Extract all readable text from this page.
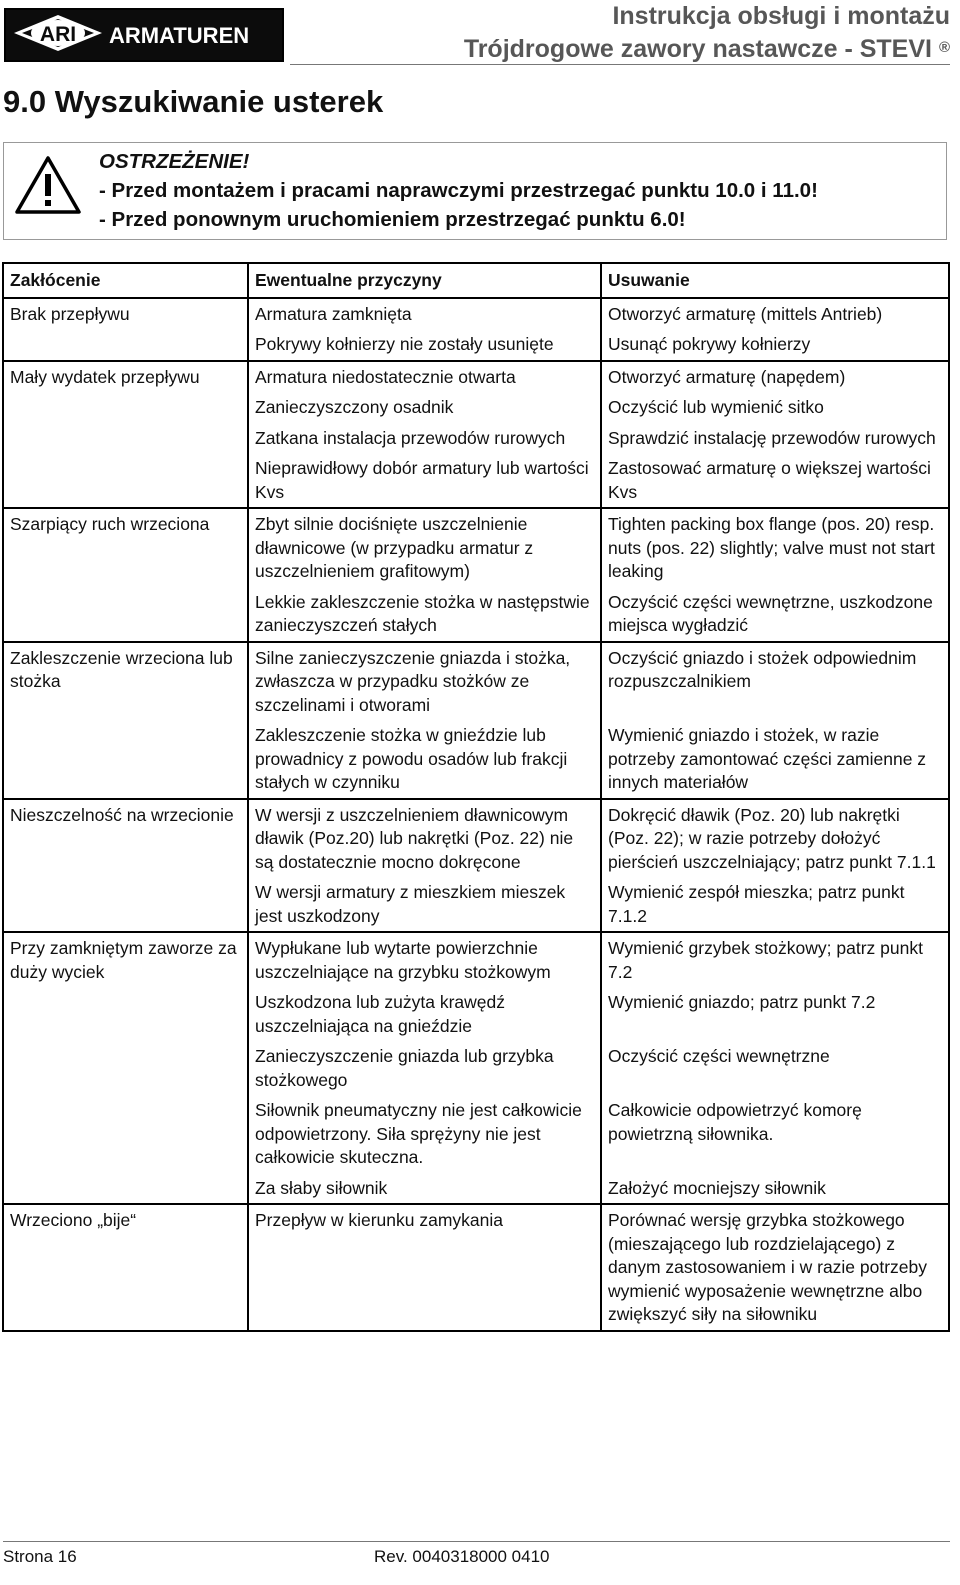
ARI ARMATUREN
Instrukcja obsługi i montażu
Trójdrogowe zawory nastawcze - STEVI ®
9.0 Wyszukiwanie usterek
OSTRZEŻENIE!
- Przed montażem i pracami naprawczymi przestrzegać punktu 10.0 i 11.0!
- Przed ponownym uruchomieniem przestrzegać punktu 6.0!
Zakłócenie	Ewentualne przyczyny	Usuwanie
Brak przepływu	Armatura zamknięta	Otworzyć armaturę (mittels Antrieb)
	Pokrywy kołnierzy nie zostały usunięte	Usunąć pokrywy kołnierzy
Mały wydatek przepływu	Armatura niedostatecznie otwarta	Otworzyć armaturę (napędem)
	Zanieczyszczony osadnik	Oczyścić lub wymienić sitko
	Zatkana instalacja przewodów rurowych	Sprawdzić instalację przewodów rurowych
	Nieprawidłowy dobór armatury lub wartości Kvs	Zastosować armaturę o większej wartości Kvs
Szarpiący ruch wrzeciona	Zbyt silnie dociśnięte uszczelnienie dławnicowe (w przypadku armatur z uszczelnieniem grafitowym)	Tighten packing box flange (pos. 20) resp. nuts (pos. 22) slightly; valve must not start leaking
	Lekkie zakleszczenie stożka w następstwie zanieczyszczeń stałych	Oczyścić części wewnętrzne, uszkodzone miejsca wygładzić
Zakleszczenie wrzeciona lub stożka	Silne zanieczyszczenie gniazda i stożka, zwłaszcza w przypadku stożków ze szczelinami i otworami	Oczyścić gniazdo i stożek odpowiednim rozpuszczalnikiem
	Zakleszczenie stożka w gnieździe lub prowadnicy z powodu osadów lub frakcji stałych w czynniku	Wymienić gniazdo i stożek, w razie potrzeby zamontować części zamienne z innych materiałów
Nieszczelność na wrzecionie	W wersji z uszczelnieniem dławnicowym dławik (Poz.20) lub nakrętki (Poz. 22) nie są dostatecznie mocno dokręcone	Dokręcić dławik (Poz. 20) lub nakrętki (Poz. 22); w razie potrzeby dołożyć pierścień uszczelniający; patrz punkt 7.1.1
	W wersji armatury z mieszkiem mieszek jest uszkodzony	Wymienić zespół mieszka; patrz punkt 7.1.2
Przy zamkniętym zaworze za duży wyciek	Wypłukane lub wytarte powierzchnie uszczelniające na grzybku stożkowym	Wymienić grzybek stożkowy; patrz punkt 7.2
	Uszkodzona lub zużyta krawędź uszczelniająca na gnieździe	Wymienić gniazdo; patrz punkt 7.2
	Zanieczyszczenie gniazda lub grzybka stożkowego	Oczyścić części wewnętrzne
	Siłownik pneumatyczny nie jest całkowicie odpowietrzony. Siła sprężyny nie jest całkowicie skuteczna.	Całkowicie odpowietrzyć komorę powietrzną siłownika.
	Za słaby siłownik	Założyć mocniejszy siłownik
Wrzeciono „bije“	Przepływ w kierunku zamykania	Porównać wersję grzybka stożkowego (mieszającego lub rozdzielającego) z danym zastosowaniem i w razie potrzeby wymienić wyposażenie wewnętrzne albo zwiększyć siły na siłowniku
Strona 16	Rev. 0040318000 0410
